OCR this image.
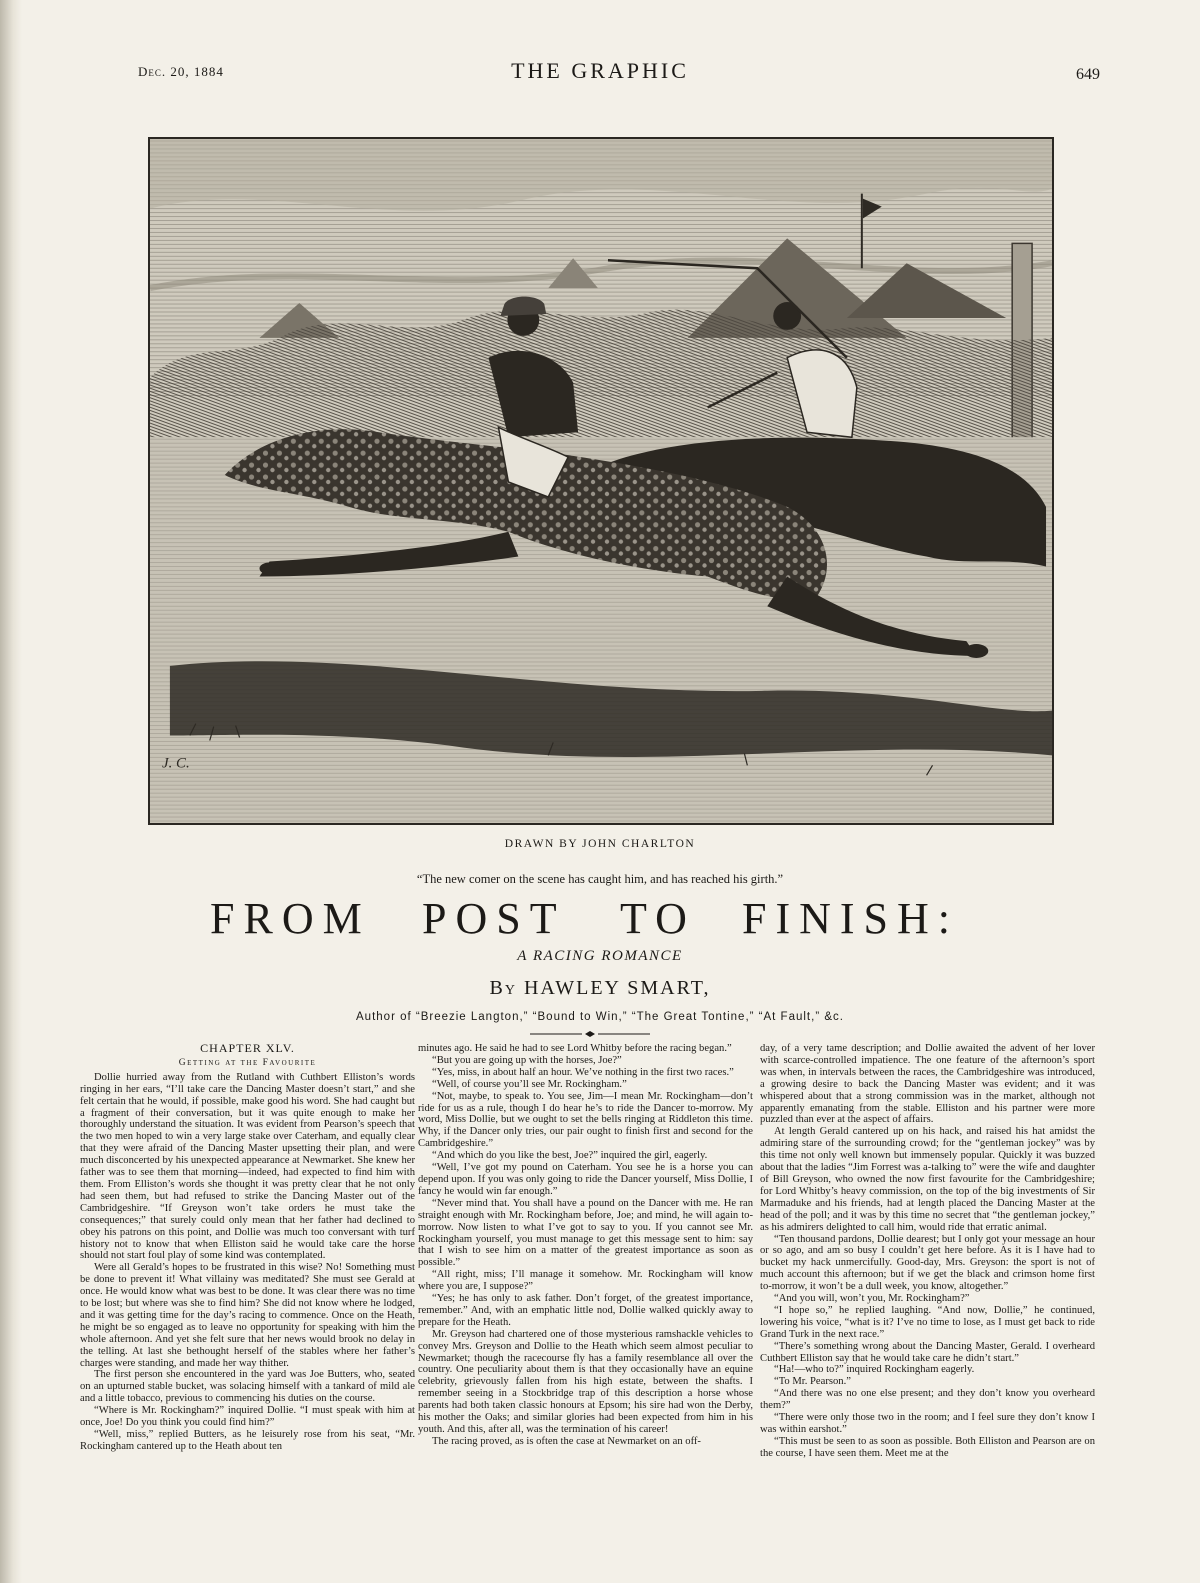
Dec. 20, 1884	THE GRAPHIC	649
J. C.
DRAWN BY JOHN CHARLTON
“The new comer on the scene has caught him, and has reached his girth.”
FROM POST TO FINISH:
A RACING ROMANCE
By HAWLEY SMART,
Author of “Breezie Langton,” “Bound to Win,” “The Great Tontine,” “At Fault,” &c.
CHAPTER XLV.
Getting at the Favourite

Dollie hurried away from the Rutland with Cuthbert Elliston’s words ringing in her ears, “I’ll take care the Dancing Master doesn’t start,” and she felt certain that he would, if possible, make good his word. She had caught but a fragment of their conversation, but it was quite enough to make her thoroughly understand the situation. It was evident from Pearson’s speech that the two men hoped to win a very large stake over Caterham, and equally clear that they were afraid of the Dancing Master upsetting their plan, and were much disconcerted by his unexpected appearance at Newmarket. She knew her father was to see them that morning—indeed, had expected to find him with them. From Elliston’s words she thought it was pretty clear that he not only had seen them, but had refused to strike the Dancing Master out of the Cambridgeshire. “If Greyson won’t take orders he must take the consequences;” that surely could only mean that her father had declined to obey his patrons on this point, and Dollie was much too conversant with turf history not to know that when Elliston said he would take care the horse should not start foul play of some kind was contemplated.

Were all Gerald’s hopes to be frustrated in this wise? No! Something must be done to prevent it! What villainy was meditated? She must see Gerald at once. He would know what was best to be done. It was clear there was no time to be lost; but where was she to find him? She did not know where he lodged, and it was getting time for the day’s racing to commence. Once on the Heath, he might be so engaged as to leave no opportunity for speaking with him the whole afternoon. And yet she felt sure that her news would brook no delay in the telling. At last she bethought herself of the stables where her father’s charges were standing, and made her way thither.

The first person she encountered in the yard was Joe Butters, who, seated on an upturned stable bucket, was solacing himself with a tankard of mild ale and a little tobacco, previous to commencing his duties on the course.

“Where is Mr. Rockingham?” inquired Dollie. “I must speak with him at once, Joe! Do you think you could find him?”

“Well, miss,” replied Butters, as he leisurely rose from his seat, “Mr. Rockingham cantered up to the Heath about ten

minutes ago. He said he had to see Lord Whitby before the racing began.”

“But you are going up with the horses, Joe?”

“Yes, miss, in about half an hour. We’ve nothing in the first two races.”

“Well, of course you’ll see Mr. Rockingham.”

“Not, maybe, to speak to. You see, Jim—I mean Mr. Rockingham—don’t ride for us as a rule, though I do hear he’s to ride the Dancer to-morrow. My word, Miss Dollie, but we ought to set the bells ringing at Riddleton this time. Why, if the Dancer only tries, our pair ought to finish first and second for the Cambridgeshire.”

“And which do you like the best, Joe?” inquired the girl, eagerly.

“Well, I’ve got my pound on Caterham. You see he is a horse you can depend upon. If you was only going to ride the Dancer yourself, Miss Dollie, I fancy he would win far enough.”

“Never mind that. You shall have a pound on the Dancer with me. He ran straight enough with Mr. Rockingham before, Joe; and mind, he will again to-morrow. Now listen to what I’ve got to say to you. If you cannot see Mr. Rockingham yourself, you must manage to get this message sent to him: say that I wish to see him on a matter of the greatest importance as soon as possible.”

“All right, miss; I’ll manage it somehow. Mr. Rockingham will know where you are, I suppose?”

“Yes; he has only to ask father. Don’t forget, of the greatest importance, remember.” And, with an emphatic little nod, Dollie walked quickly away to prepare for the Heath.

Mr. Greyson had chartered one of those mysterious ramshackle vehicles to convey Mrs. Greyson and Dollie to the Heath which seem almost peculiar to Newmarket; though the racecourse fly has a family resemblance all over the country. One peculiarity about them is that they occasionally have an equine celebrity, grievously fallen from his high estate, between the shafts. I remember seeing in a Stockbridge trap of this description a horse whose parents had both taken classic honours at Epsom; his sire had won the Derby, his mother the Oaks; and similar glories had been expected from him in his youth. And this, after all, was the termination of his career!

The racing proved, as is often the case at Newmarket on an off-

day, of a very tame description; and Dollie awaited the advent of her lover with scarce-controlled impatience. The one feature of the afternoon’s sport was when, in intervals between the races, the Cambridgeshire was introduced, a growing desire to back the Dancing Master was evident; and it was whispered about that a strong commission was in the market, although not apparently emanating from the stable. Elliston and his partner were more puzzled than ever at the aspect of affairs.

At length Gerald cantered up on his hack, and raised his hat amidst the admiring stare of the surrounding crowd; for the “gentleman jockey” was by this time not only well known but immensely popular. Quickly it was buzzed about that the ladies “Jim Forrest was a-talking to” were the wife and daughter of Bill Greyson, who owned the now first favourite for the Cambridgeshire; for Lord Whitby’s heavy commission, on the top of the big investments of Sir Marmaduke and his friends, had at length placed the Dancing Master at the head of the poll; and it was by this time no secret that “the gentleman jockey,” as his admirers delighted to call him, would ride that erratic animal.

“Ten thousand pardons, Dollie dearest; but I only got your message an hour or so ago, and am so busy I couldn’t get here before. As it is I have had to bucket my hack unmercifully. Good-day, Mrs. Greyson: the sport is not of much account this afternoon; but if we get the black and crimson home first to-morrow, it won’t be a dull week, you know, altogether.”

“And you will, won’t you, Mr. Rockingham?”

“I hope so,” he replied laughing. “And now, Dollie,” he continued, lowering his voice, “what is it? I’ve no time to lose, as I must get back to ride Grand Turk in the next race.”

“There’s something wrong about the Dancing Master, Gerald. I overheard Cuthbert Elliston say that he would take care he didn’t start.”

“Ha!—who to?” inquired Rockingham eagerly.

“To Mr. Pearson.”

“And there was no one else present; and they don’t know you overheard them?”

“There were only those two in the room; and I feel sure they don’t know I was within earshot.”

“This must be seen to as soon as possible. Both Elliston and Pearson are on the course, I have seen them. Meet me at the
